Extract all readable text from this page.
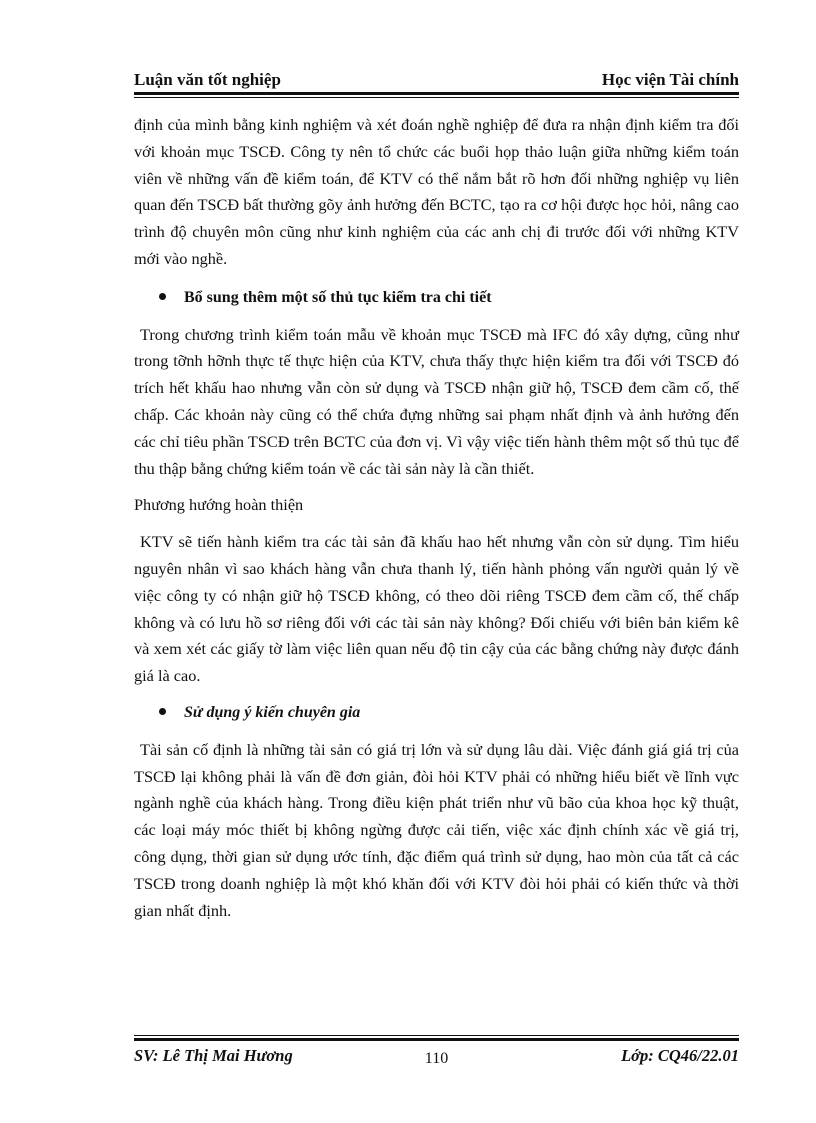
Luận văn tốt nghiệp	Học viện Tài chính

định của mình bằng kinh nghiệm và xét đoán nghề nghiệp để đưa ra nhận định kiểm tra đối với khoản mục TSCĐ. Công ty nên tổ chức các buổi họp thảo luận giữa những kiểm toán viên về những vấn đề kiểm toán, để KTV có thể nắm bắt rõ hơn đối những nghiệp vụ liên quan đến TSCĐ bất thường gõy ảnh hưởng đến BCTC, tạo ra cơ hội được học hỏi, nâng cao trình độ chuyên môn cũng như kinh nghiệm của các anh chị đi trước đối với những KTV mới vào nghề.

Bổ sung thêm một số thủ tục kiểm tra chi tiết

Trong chương trình kiểm toán mẫu về khoản mục TSCĐ mà IFC đó xây dựng, cũng như trong tỡnh hỡnh thực tế thực hiện của KTV, chưa thấy thực hiện kiểm tra đối với TSCĐ đó trích hết khấu hao nhưng vẫn còn sử dụng và TSCĐ nhận giữ hộ, TSCĐ đem cầm cố, thế chấp. Các khoản này cũng có thể chứa đựng những sai phạm nhất định và ảnh hưởng đến các chỉ tiêu phần TSCĐ trên BCTC của đơn vị. Vì vậy việc tiến hành thêm một số thủ tục để thu thập bằng chứng kiểm toán về các tài sản này là cần thiết.

Phương hướng hoàn thiện

KTV sẽ tiến hành kiểm tra các tài sản đã khấu hao hết nhưng vẫn còn sử dụng. Tìm hiểu nguyên nhân vì sao khách hàng vẫn chưa thanh lý, tiến hành phỏng vấn người quản lý về việc công ty có nhận giữ hộ TSCĐ không, có theo dõi riêng TSCĐ đem cầm cố, thế chấp không và có lưu hồ sơ riêng đối với các tài sản này không? Đối chiếu với biên bản kiểm kê và xem xét các giấy tờ làm việc liên quan nếu độ tin cậy của các bằng chứng này được đánh giá là cao.

Sử dụng ý kiến chuyên gia

Tài sản cố định là những tài sản có giá trị lớn và sử dụng lâu dài. Việc đánh giá giá trị của TSCĐ lại không phải là vấn đề đơn giản, đòi hỏi KTV phải có những hiểu biết về lĩnh vực ngành nghề của khách hàng. Trong điều kiện phát triển như vũ bão của khoa học kỹ thuật, các loại máy móc thiết bị không ngừng được cải tiến, việc xác định chính xác về giá trị, công dụng, thời gian sử dụng ước tính, đặc điểm quá trình sử dụng, hao mòn của tất cả các TSCĐ trong doanh nghiệp là một khó khăn đối với KTV đòi hỏi phải có kiến thức và thời gian nhất định.

SV: Lê Thị Mai Hương	Lớp: CQ46/22.01
110
